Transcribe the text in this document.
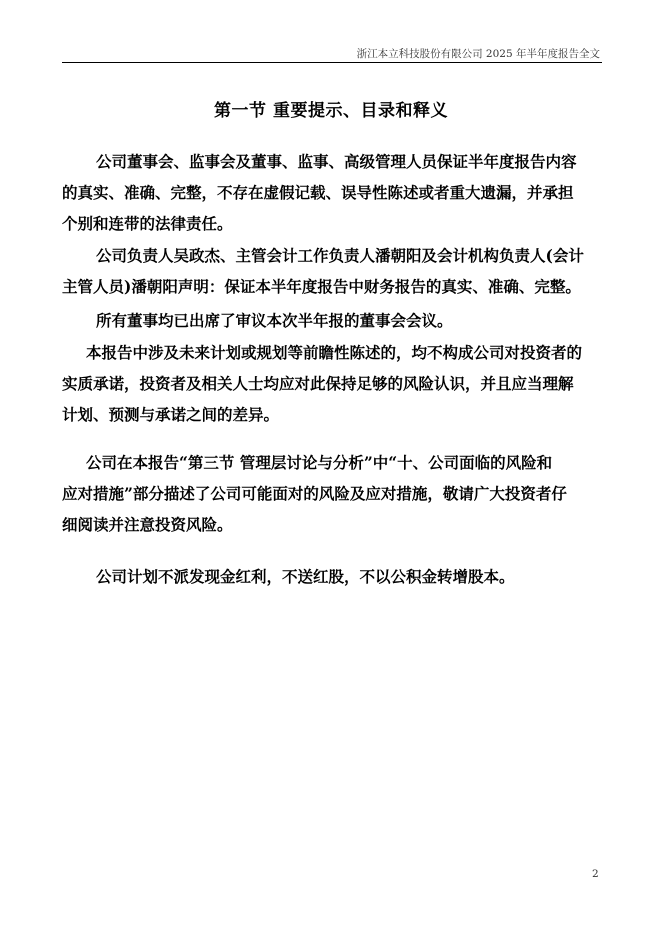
浙江本立科技股份有限公司 2025 年半年度报告全文
第一节 重要提示、目录和释义
公司董事会、监事会及董事、监事、高级管理人员保证半年度报告内容
的真实、准确、完整，不存在虚假记载、误导性陈述或者重大遗漏，并承担
个别和连带的法律责任。
公司负责人吴政杰、主管会计工作负责人潘朝阳及会计机构负责人(会计
主管人员)潘朝阳声明：保证本半年度报告中财务报告的真实、准确、完整。
所有董事均已出席了审议本次半年报的董事会会议。
本报告中涉及未来计划或规划等前瞻性陈述的，均不构成公司对投资者的
实质承诺，投资者及相关人士均应对此保持足够的风险认识，并且应当理解
计划、预测与承诺之间的差异。
公司在本报告“第三节 管理层讨论与分析”中“十、公司面临的风险和
应对措施”部分描述了公司可能面对的风险及应对措施，敬请广大投资者仔
细阅读并注意投资风险。
公司计划不派发现金红利，不送红股，不以公积金转增股本。
2
